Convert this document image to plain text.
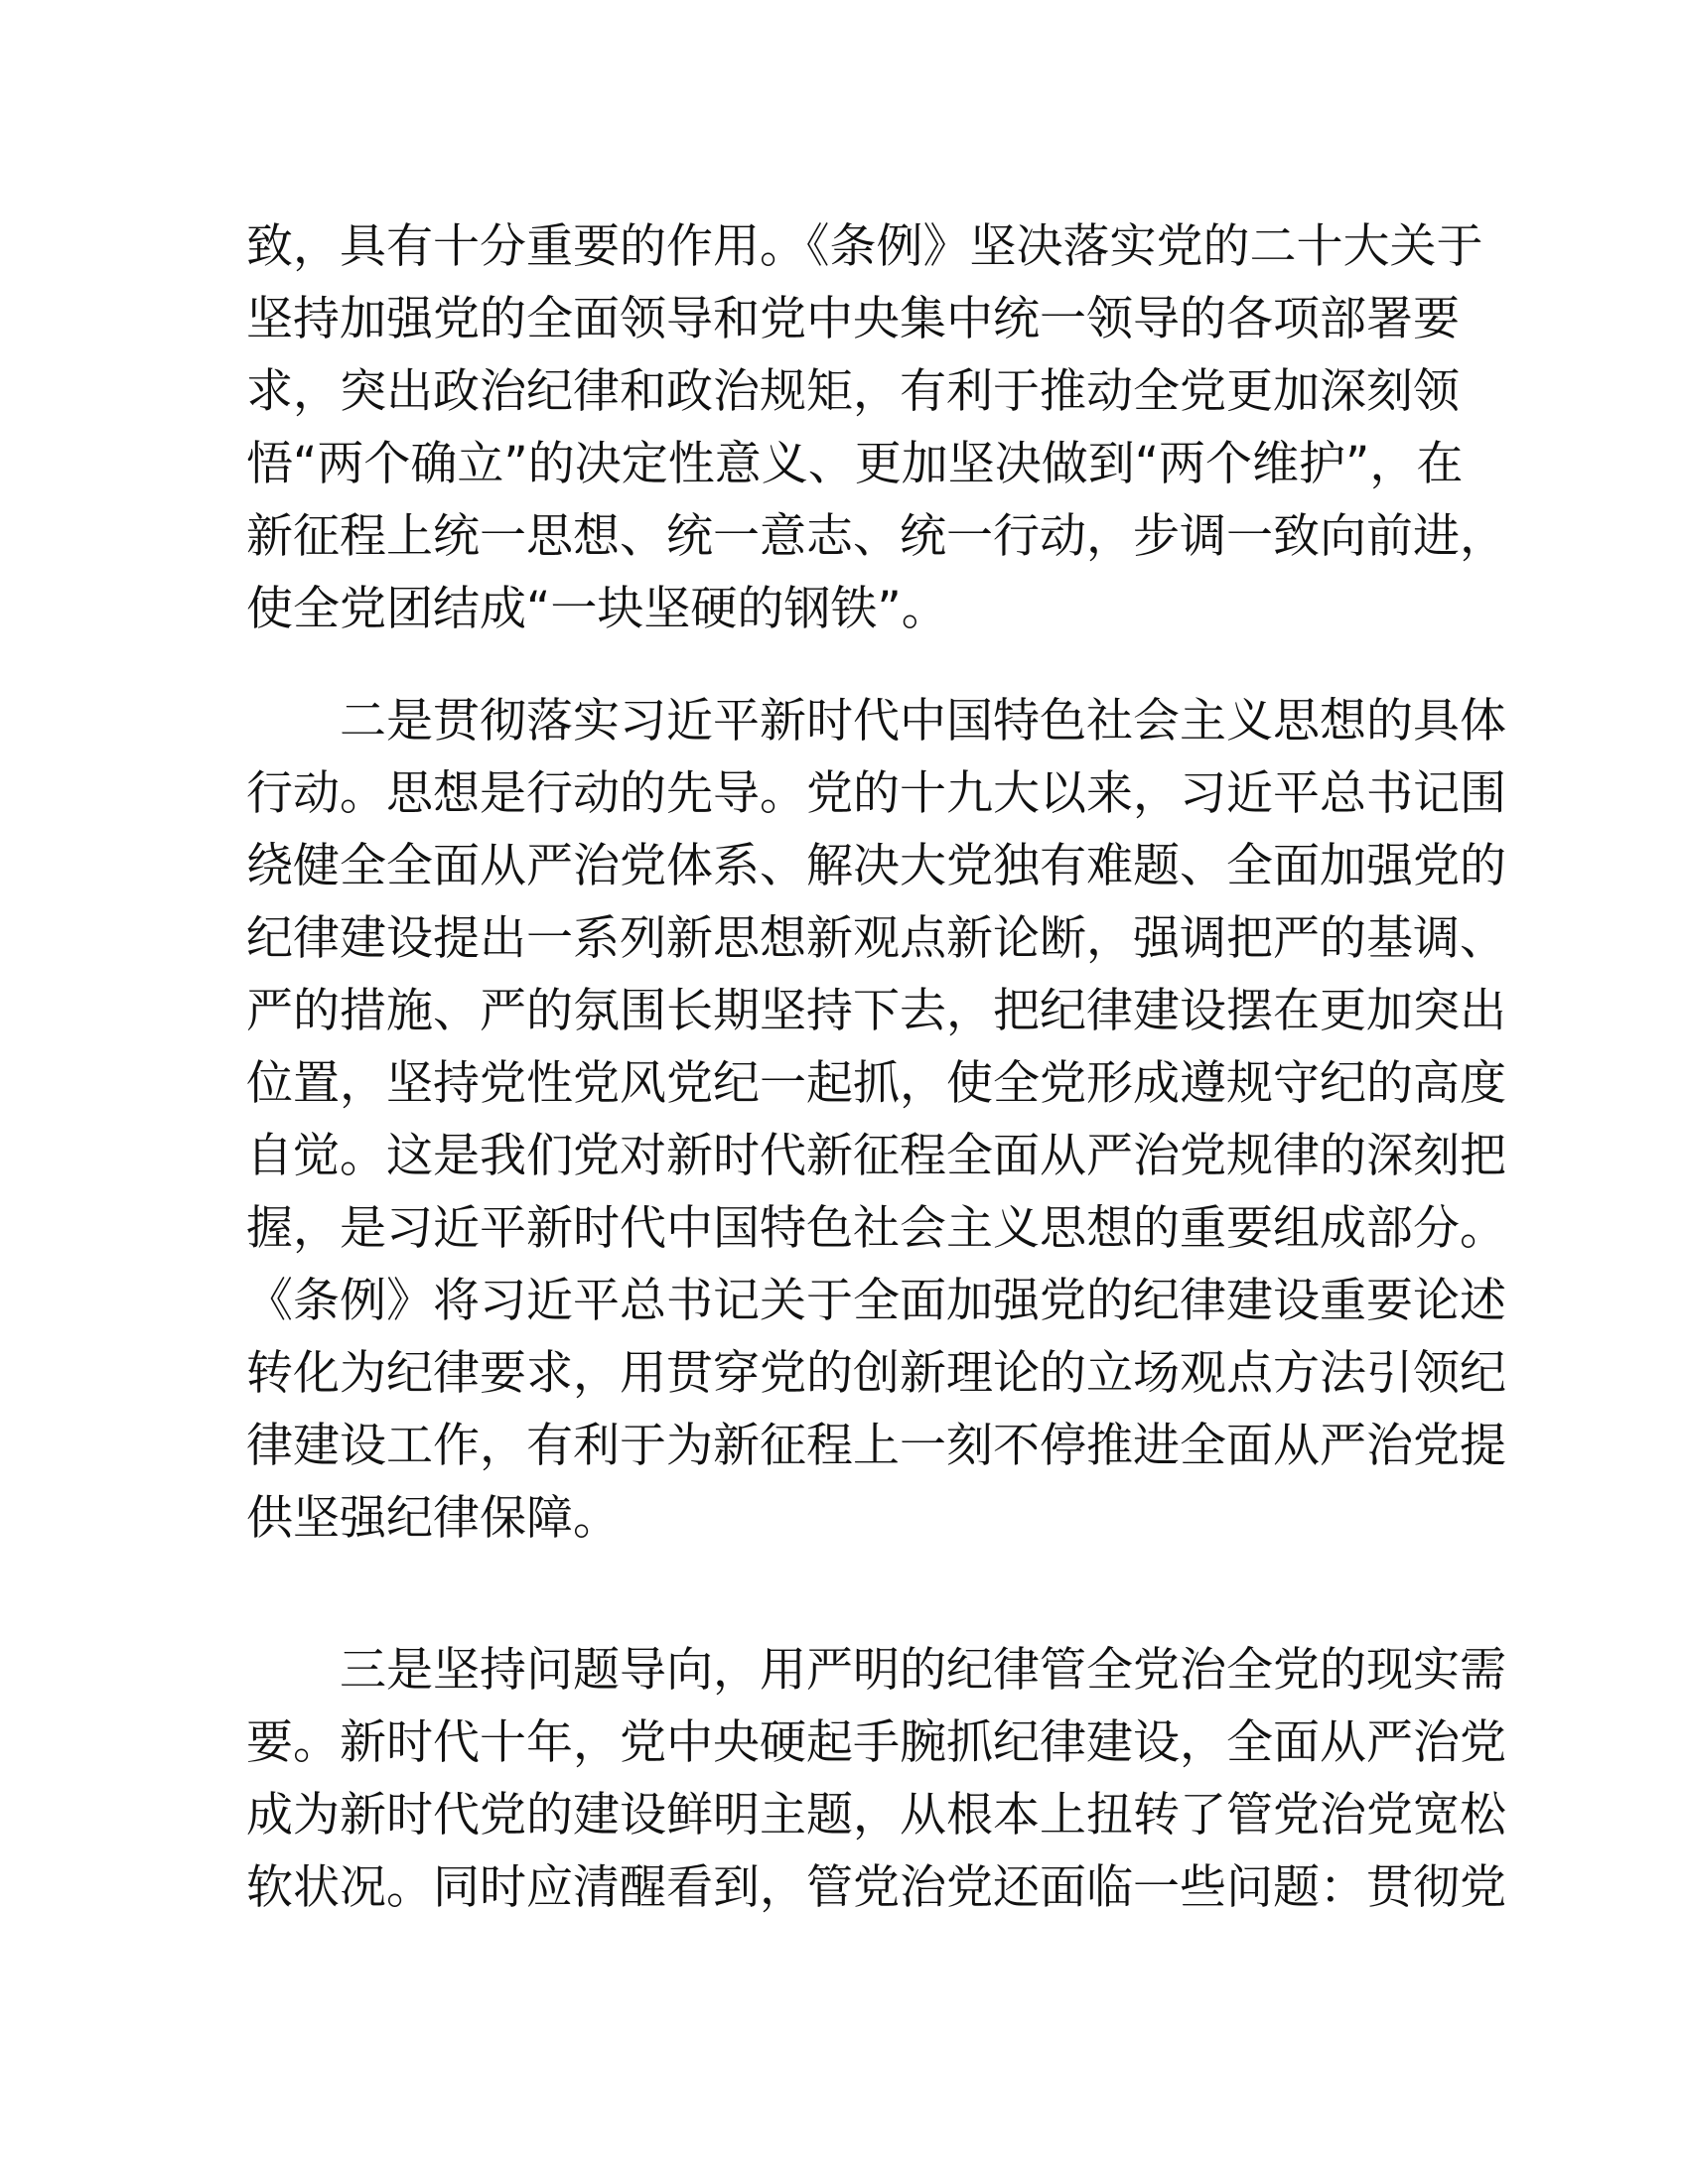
致，具有十分重要的作用。《条例》坚决落实党的二十大关于
坚持加强党的全面领导和党中央集中统一领导的各项部署要
求，突出政治纪律和政治规矩，有利于推动全党更加深刻领
悟“两个确立”的决定性意义、更加坚决做到“两个维护”，在
新征程上统一思想、统一意志、统一行动，步调一致向前进，
使全党团结成“一块坚硬的钢铁”。
二是贯彻落实习近平新时代中国特色社会主义思想的具体
行动。思想是行动的先导。党的十九大以来，习近平总书记围
绕健全全面从严治党体系、解决大党独有难题、全面加强党的
纪律建设提出一系列新思想新观点新论断，强调把严的基调、
严的措施、严的氛围长期坚持下去，把纪律建设摆在更加突出
位置，坚持党性党风党纪一起抓，使全党形成遵规守纪的高度
自觉。这是我们党对新时代新征程全面从严治党规律的深刻把
握，是习近平新时代中国特色社会主义思想的重要组成部分。
《条例》将习近平总书记关于全面加强党的纪律建设重要论述
转化为纪律要求，用贯穿党的创新理论的立场观点方法引领纪
律建设工作，有利于为新征程上一刻不停推进全面从严治党提
供坚强纪律保障。
三是坚持问题导向，用严明的纪律管全党治全党的现实需
要。新时代十年，党中央硬起手腕抓纪律建设，全面从严治党
成为新时代党的建设鲜明主题，从根本上扭转了管党治党宽松
软状况。同时应清醒看到，管党治党还面临一些问题：贯彻党
